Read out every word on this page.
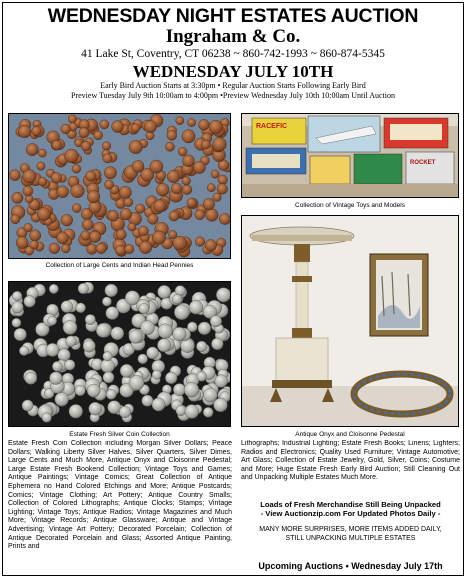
WEDNESDAY NIGHT ESTATES AUCTION
Ingraham & Co.
41 Lake St, Coventry, CT 06238 ~ 860-742-1993 ~ 860-874-5345
WEDNESDAY JULY 10TH
Early Bird Auction Starts at 3:30pm • Regular Auction Starts Following Early Bird
Preview Tuesday July 9th 10:00am to 4:00pm •Preview Wednesday July 10th 10:00am Until Auction
Collection of Large Cents and Indian Head Pennies
RACEFIC
ROCKET
Collection of Vintage Toys and Models
Estate Fresh Silver Coin Collection	Antique Onyx and Cloisonne Pedestal
Estate Fresh Coin Collection including Morgan Silver Dollars; Peace Dollars; Walking Liberty Silver Halves, Silver Quarters, Silver Dimes, Large Cents and Much More, Antique Onyx and Cloisonne Pedestal; Large Estate Fresh Bookend Collection; Vintage Toys and Games; Antique Paintings; Vintage Comics; Great Collection of Antique Ephemera no Hand Colored Etchings and More; Antique Postcards; Comics; Vintage Clothing; Art Pottery; Antique Country Smalls; Collection of Colored Lithographs; Antique Clocks; Stamps; Vintage Lighting; Vintage Toys; Antique Radios; Vintage Magazines and Much More; Vintage Records; Antique Glassware; Antique and Vintage Advertising; Vintage Art Pottery; Decorated Porcelain; Collection of Antique Decorated Porcelain and Glass; Assorted Antique Painting, Prints and
Lithographs; Industrial Lighting; Estate Fresh Books; Linens; Lighters; Radios and Electronics; Quality Used Furniture; Vintage Automotive; Art Glass; Collection of Estate Jewelry, Gold, Silver, Coins; Costume and More; Huge Estate Fresh Early Bird Auction; Still Cleaning Out and Unpacking Multiple Estates Much More.
Loads of Fresh Merchandise Still Being Unpacked
- View Auctionzip.com For Updated Photos Daily -
MANY MORE SURPRISES, MORE ITEMS ADDED DAILY,
STILL UNPACKING MULTIPLE ESTATES
Upcoming Auctions • Wednesday July 17th
